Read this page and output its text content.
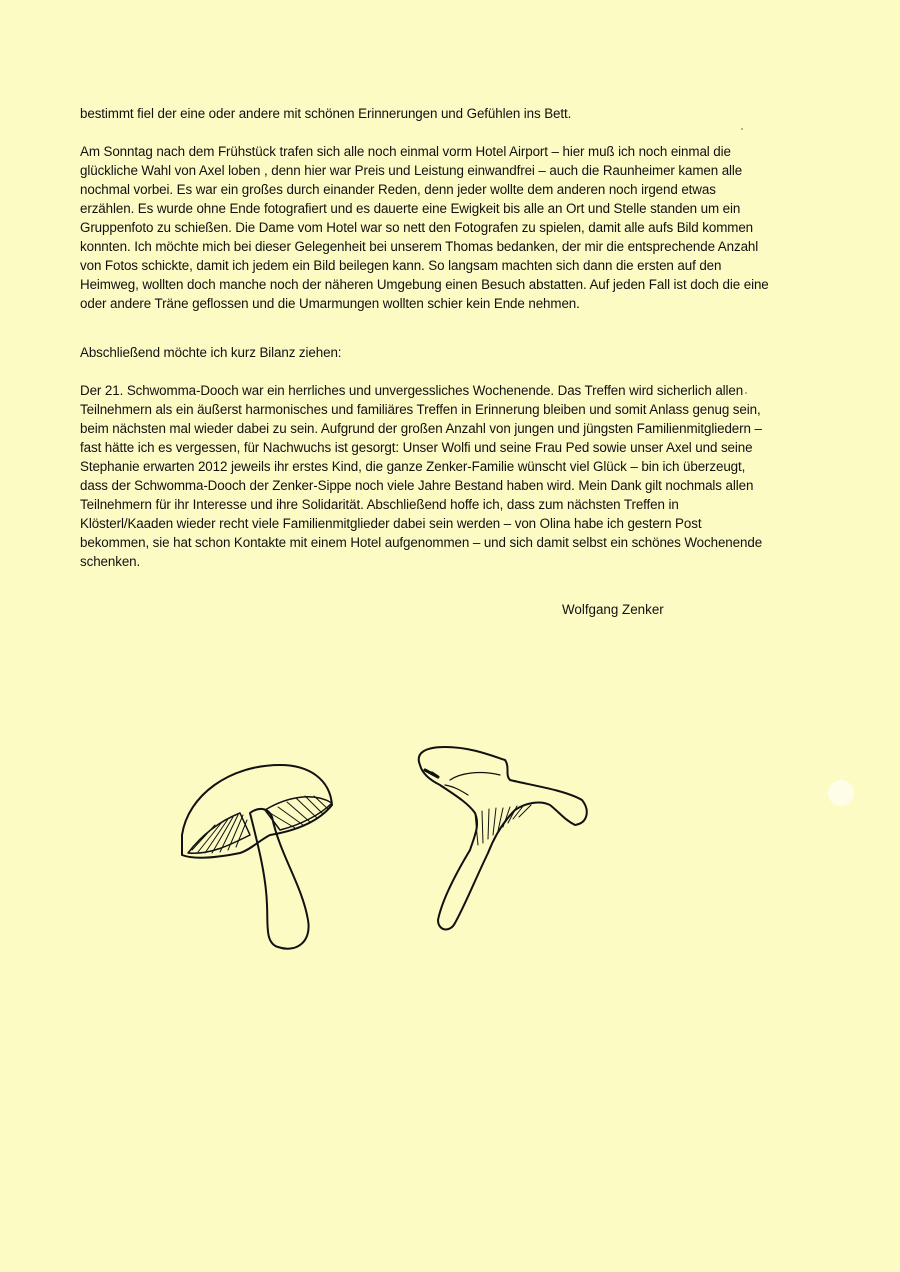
bestimmt fiel der eine oder andere mit schönen Erinnerungen und Gefühlen ins Bett.

Am Sonntag nach dem Frühstück trafen sich alle noch einmal vorm Hotel Airport – hier muß ich noch einmal die glückliche Wahl von Axel loben , denn hier war Preis und Leistung einwandfrei – auch die Raunheimer kamen alle nochmal vorbei. Es war ein großes durch einander Reden, denn jeder wollte dem anderen noch irgend etwas erzählen. Es wurde ohne Ende fotografiert und es dauerte eine Ewigkeit bis alle an Ort und Stelle standen um ein Gruppenfoto zu schießen. Die Dame vom Hotel war so nett den Fotografen zu spielen, damit alle aufs Bild kommen konnten. Ich möchte mich bei dieser Gelegenheit bei unserem Thomas bedanken, der mir die entsprechende Anzahl von Fotos schickte, damit ich jedem ein Bild beilegen kann. So langsam machten sich dann die ersten auf den Heimweg, wollten doch manche noch der näheren Umgebung einen Besuch abstatten. Auf jeden Fall ist doch die eine oder andere Träne geflossen und die Umarmungen wollten schier kein Ende nehmen.

Abschließend möchte ich kurz Bilanz ziehen:

Der 21. Schwomma-Dooch war ein herrliches und unvergessliches Wochenende. Das Treffen wird sicherlich allen Teilnehmern als ein äußerst harmonisches und familiäres Treffen in Erinnerung bleiben und somit Anlass genug sein, beim nächsten mal wieder dabei zu sein. Aufgrund der großen Anzahl von jungen und jüngsten Familienmitgliedern – fast hätte ich es vergessen, für Nachwuchs ist gesorgt: Unser Wolfi und seine Frau Ped sowie unser Axel und seine Stephanie erwarten 2012 jeweils ihr erstes Kind, die ganze Zenker-Familie wünscht viel Glück – bin ich überzeugt, dass der Schwomma-Dooch der Zenker-Sippe noch viele Jahre Bestand haben wird. Mein Dank gilt nochmals allen Teilnehmern für ihr Interesse und ihre Solidarität. Abschließend hoffe ich, dass zum nächsten Treffen in Klösterl/Kaaden wieder recht viele Familienmitglieder dabei sein werden – von Olina habe ich gestern Post bekommen, sie hat schon Kontakte mit einem Hotel aufgenommen – und sich damit selbst ein schönes Wochenende schenken.

Wolfgang Zenker
